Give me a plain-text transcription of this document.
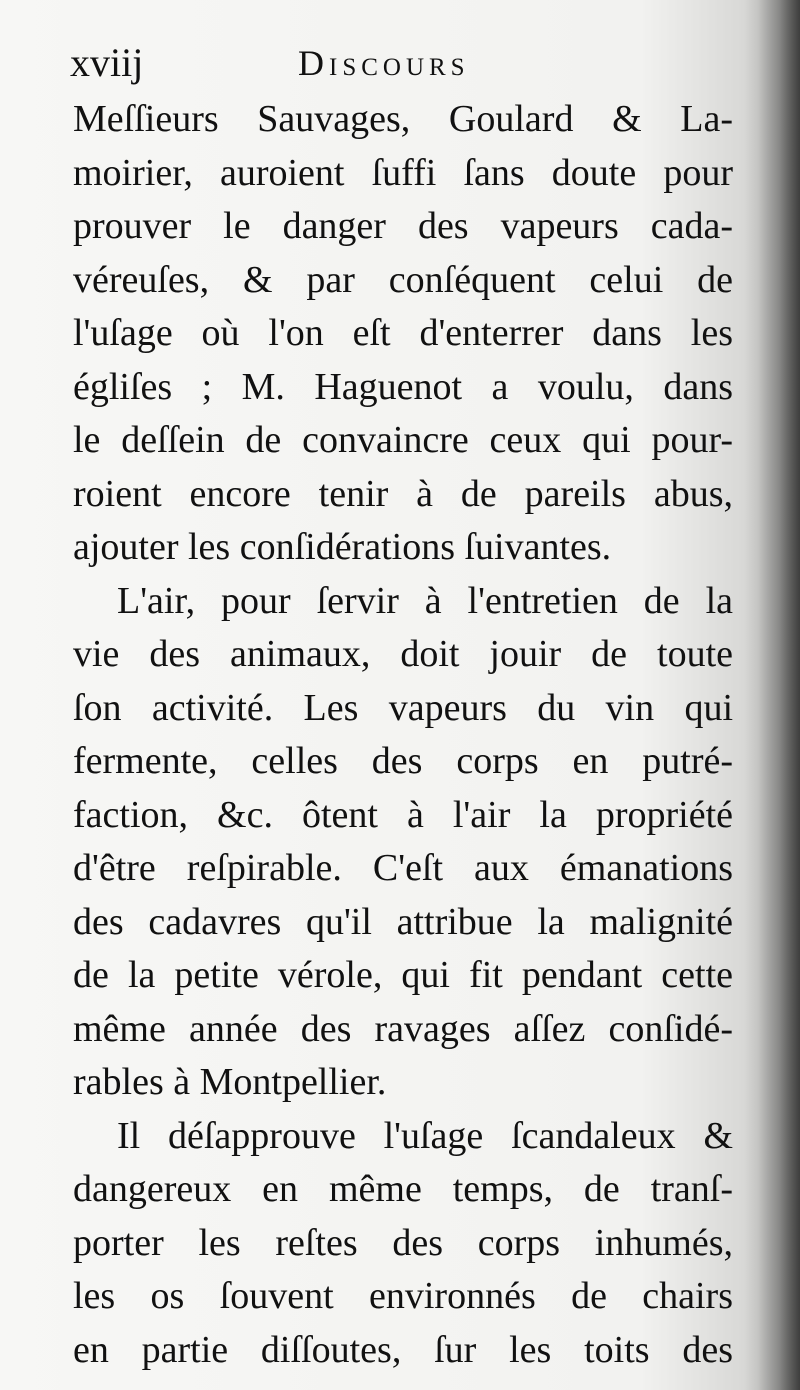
xviij	Discours
Meſſieurs Sauvages, Goulard & La-
moirier, auroient ſuffi ſans doute pour
prouver le danger des vapeurs cada-
véreuſes, & par conſéquent celui de
l'uſage où l'on eſt d'enterrer dans les
égliſes ; M. Haguenot a voulu, dans
le deſſein de convaincre ceux qui pour-
roient encore tenir à de pareils abus,
ajouter les conſidérations ſuivantes.
L'air, pour ſervir à l'entretien de la
vie des animaux, doit jouir de toute
ſon activité. Les vapeurs du vin qui
fermente, celles des corps en putré-
faction, &c. ôtent à l'air la propriété
d'être reſpirable. C'eſt aux émanations
des cadavres qu'il attribue la malignité
de la petite vérole, qui fit pendant cette
même année des ravages aſſez conſidé-
rables à Montpellier.
Il déſapprouve l'uſage ſcandaleux &
dangereux en même temps, de tranſ-
porter les reſtes des corps inhumés,
les os ſouvent environnés de chairs
en partie diſſoutes, ſur les toits des
